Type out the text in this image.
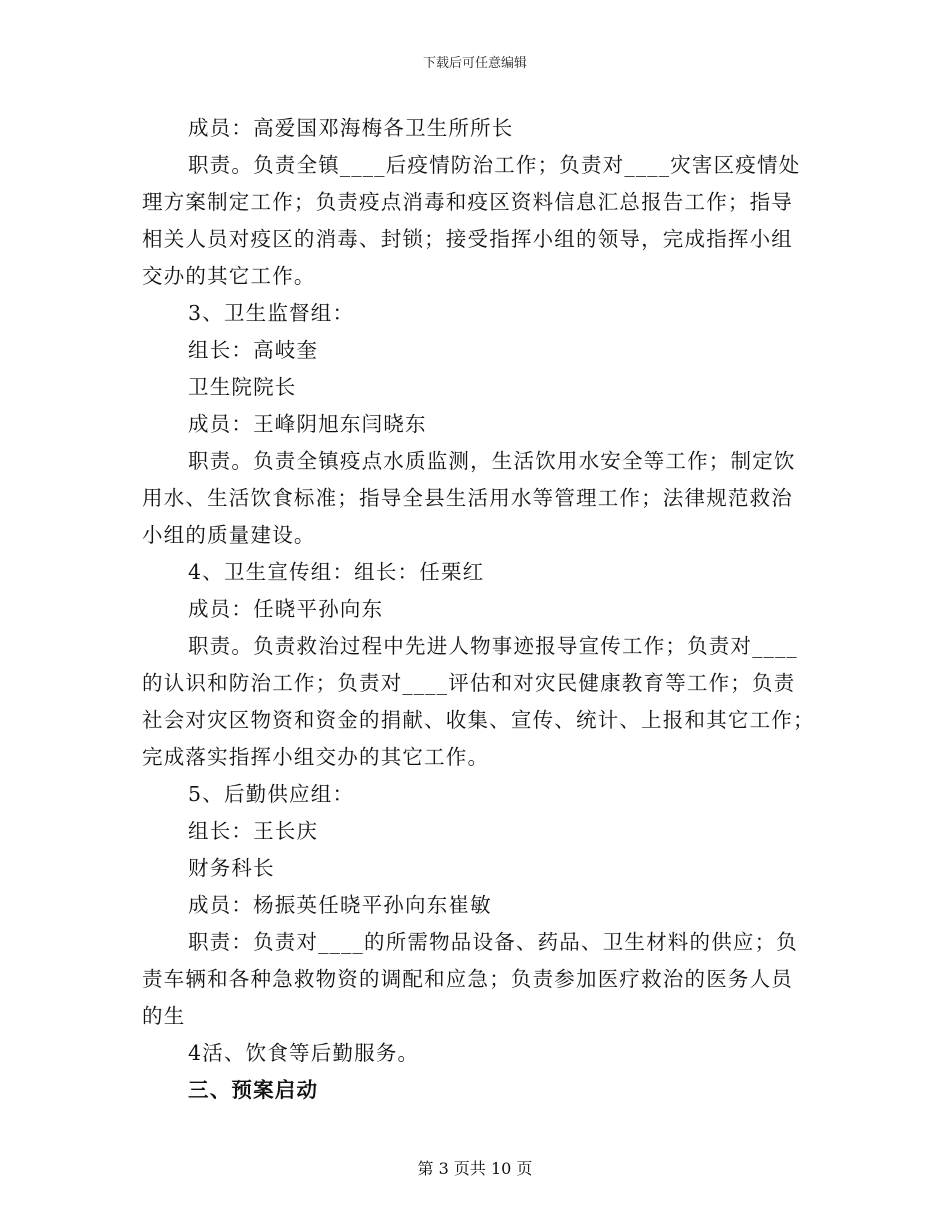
下载后可任意编辑
成员：高爱国邓海梅各卫生所所长
职责。负责全镇____后疫情防治工作；负责对____灾害区疫情处
理方案制定工作；负责疫点消毒和疫区资料信息汇总报告工作；指导
相关人员对疫区的消毒、封锁；接受指挥小组的领导，完成指挥小组
交办的其它工作。
3、卫生监督组：
组长：高岐奎
卫生院院长
成员：王峰阴旭东闫晓东
职责。负责全镇疫点水质监测，生活饮用水安全等工作；制定饮
用水、生活饮食标准；指导全县生活用水等管理工作；法律规范救治
小组的质量建设。
4、卫生宣传组：组长：任栗红
成员：任晓平孙向东
职责。负责救治过程中先进人物事迹报导宣传工作；负责对____
的认识和防治工作；负责对____评估和对灾民健康教育等工作；负责
社会对灾区物资和资金的捐献、收集、宣传、统计、上报和其它工作；
完成落实指挥小组交办的其它工作。
5、后勤供应组：
组长：王长庆
财务科长
成员：杨振英任晓平孙向东崔敏
职责：负责对____的所需物品设备、药品、卫生材料的供应；负
责车辆和各种急救物资的调配和应急；负责参加医疗救治的医务人员
的生
4活、饮食等后勤服务。
三、预案启动
第 3 页共 10 页
